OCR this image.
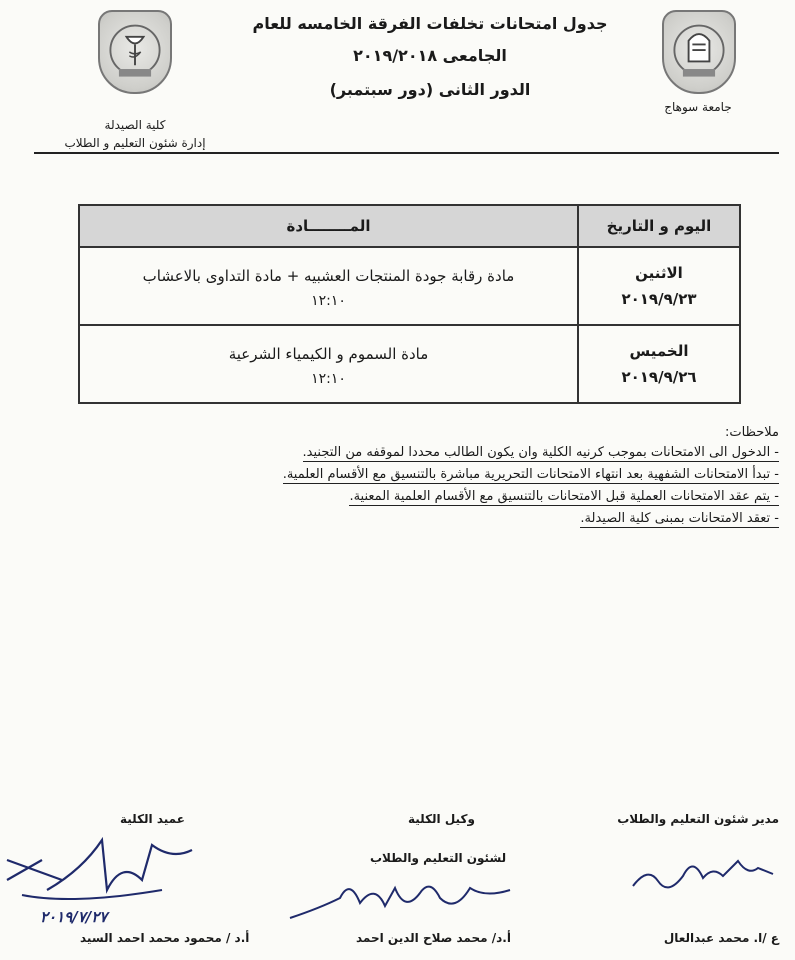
جامعة سوهاج
كلية الصيدلة
إدارة شئون التعليم و الطلاب
جدول امتحانات تخلفات الفرقة الخامسه للعام
الجامعى ٢٠١٩/٢٠١٨
الدور الثانى (دور سبتمبر)
اليوم و التاريخ	المــــــــادة

الاثنين
٢٠١٩/٩/٢٣	مادة رقابة جودة المنتجات العشبيه + مادة التداوى بالاعشاب
١٢:١٠

الخميس
٢٠١٩/٩/٢٦	مادة السموم و الكيمياء الشرعية
١٢:١٠
ملاحظات:
- الدخول الى الامتحانات بموجب كرنيه الكلية وان يكون الطالب محددا لموقفه من التجنيد.
- تبدأ الامتحانات الشفهية بعد انتهاء الامتحانات التحريرية مباشرة بالتنسيق مع الأقسام العلمية.
- يتم عقد الامتحانات العملية قبل الامتحانات بالتنسيق مع الأقسام العلمية المعنية.
- تعقد الامتحانات بمبنى كلية الصيدلة.
مدير شئون التعليم والطلاب
ع /ا. محمد عبدالعال
وكيل الكلية
لشئون التعليم والطلاب
أ.د/ محمد صلاح الدين احمد
عميد الكلية
٢٠١٩/٧/٢٧
أ.د / محمود محمد احمد السيد
